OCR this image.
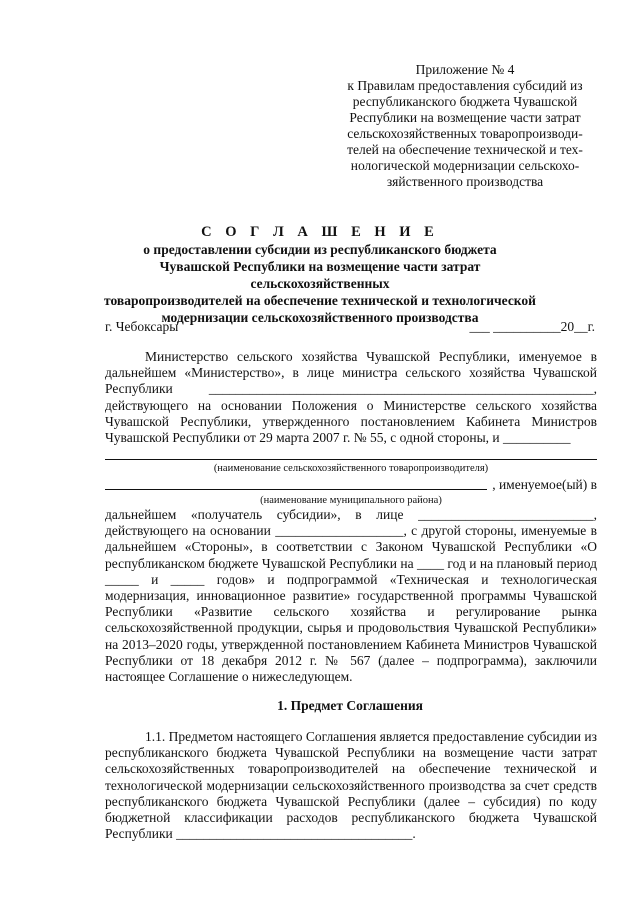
Приложение № 4
к Правилам предоставления субсидий из
республиканского бюджета Чувашской
Республики на возмещение части затрат
сельскохозяйственных товаропроизводи-
телей на обеспечение технической и тех-
нологической модернизации сельскохо-
зяйственного производства
С О Г Л А Ш Е Н И Е
о предоставлении субсидии из республиканского бюджета
Чувашской Республики на возмещение части затрат сельскохозяйственных
товаропроизводителей на обеспечение технической и технологической
модернизации сельскохозяйственного производства
г. Чебоксары	___ __________20__г.
Министерство сельского хозяйства Чувашской Республики, именуемое в дальнейшем «Министерство», в лице министра сельского хозяйства Чувашской Республики _________________________________________________________, действующего на основании Положения о Министерстве сельского хозяйства Чувашской Республики, утвержденного постановлением Кабинета Министров Чувашской Республики от 29 марта 2007 г. № 55, с одной стороны, и __________
(наименование сельскохозяйственного товаропроизводителя)
, именуемое(ый) в
(наименование муниципального района)
дальнейшем «получатель субсидии», в лице __________________________, действующего на основании ___________________, с другой стороны, именуемые в дальнейшем «Стороны», в соответствии с Законом Чувашской Республики «О республиканском бюджете Чувашской Республики на ____ год и на плановый период _____ и _____ годов» и подпрограммой «Техническая и технологическая модернизация, инновационное развитие» государственной программы Чувашской Республики «Развитие сельского хозяйства и регулирование рынка сельскохозяйственной продукции, сырья и продовольствия Чувашской Республики» на 2013–2020 годы, утвержденной постановлением Кабинета Министров Чувашской Республики от 18 декабря 2012 г. № 567 (далее – подпрограмма), заключили настоящее Соглашение о нижеследующем.
1. Предмет Соглашения
1.1. Предметом настоящего Соглашения является предоставление субсидии из республиканского бюджета Чувашской Республики на возмещение части затрат сельскохозяйственных товаропроизводителей на обеспечение технической и технологической модернизации сельскохозяйственного производства за счет средств республиканского бюджета Чувашской Республики (далее – субсидия) по коду бюджетной классификации расходов республиканского бюджета Чувашской Республики ___________________________________.
